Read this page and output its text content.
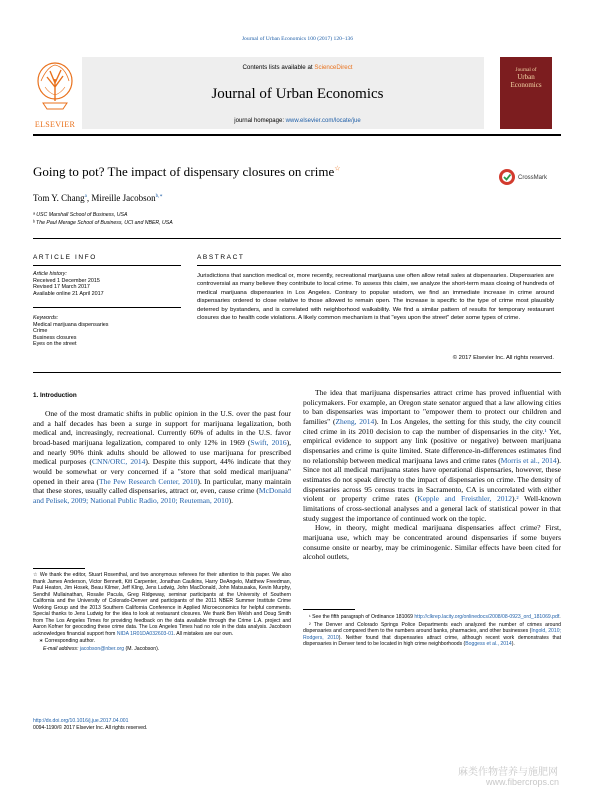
Journal of Urban Economics 100 (2017) 120–136
ELSEVIER
Contents lists available at ScienceDirect
Journal of Urban Economics
journal homepage: www.elsevier.com/locate/jue
Journal of
Urban
Economics
Going to pot? The impact of dispensary closures on crime☆
CrossMark
Tom Y. Chang$^a$, Mireille Jacobson$^{b,∗}$
ᵃ USC Marshall School of Business, USA
ᵇ The Paul Merage School of Business, UCI and NBER, USA
ARTICLE INFO
Article history:
Received 1 December 2015
Revised 17 March 2017
Available online 21 April 2017
Keywords:
Medical marijuana dispensaries
Crime
Business closures
Eyes on the street
ABSTRACT
Jurisdictions that sanction medical or, more recently, recreational marijuana use often allow retail sales at dispensaries. Dispensaries are controversial as many believe they contribute to local crime. To assess this claim, we analyze the short-term mass closing of hundreds of medical marijuana dispensaries in Los Angeles. Contrary to popular wisdom, we find an immediate increase in crime around dispensaries ordered to close relative to those allowed to remain open. The increase is specific to the type of crime most plausibly deterred by bystanders, and is correlated with neighborhood walkability. We find a similar pattern of results for temporary restaurant closures due to health code violations. A likely common mechanism is that "eyes upon the street" deter some types of crime.
© 2017 Elsevier Inc. All rights reserved.
1. Introduction

One of the most dramatic shifts in public opinion in the U.S. over the past four and a half decades has been a surge in support for marijuana legalization, both medical and, increasingly, recreational. Currently 60% of adults in the U.S. favor broad-based marijuana legalization, compared to only 12% in 1969 (Swift, 2016), and nearly 90% think adults should be allowed to use marijuana for prescribed medical purposes (CNN/ORC, 2014). Despite this support, 44% indicate that they would be somewhat or very concerned if a "store that sold medical marijuana" opened in their area (The Pew Research Center, 2010). In particular, many maintain that these stores, usually called dispensaries, attract or, even, cause crime (McDonald and Pelisek, 2009; National Public Radio, 2010; Reuteman, 2010).

☆ We thank the editor, Stuart Rosenthal, and two anonymous referees for their attention to this paper. We also thank James Anderson, Victor Bennett, Kitt Carpenter, Jonathan Caulkins, Harry DeAngelo, Matthew Freedman, Paul Heaton, Jim Hosek, Beau Kilmer, Jeff Kling, Jens Ludwig, John MacDonald, John Matsusaka, Kevin Murphy, Sendhil Mullainathan, Rosalie Pacula, Greg Ridgeway, seminar participants at the University of Southern California and the University of Colorado-Denver and participants of the 2011 NBER Summer Institute Crime Working Group and the 2013 Southern California Conference in Applied Microeconomics for helpful comments. Special thanks to Jens Ludwig for the idea to look at restaurant closures. We thank Ben Welsh and Doug Smith from The Los Angeles Times for providing feedback on the data available through the Crime L.A. project and Aaron Kofner for geocoding these crime data. The Los Angeles Times had no role in the data analysis. Jacobson acknowledges financial support from NIDA 1R01DA032603-01. All mistakes are our own.

∗ Corresponding author.

E-mail address: jacobson@nber.org (M. Jacobson).

http://dx.doi.org/10.1016/j.jue.2017.04.001
0094-1190/© 2017 Elsevier Inc. All rights reserved.

The idea that marijuana dispensaries attract crime has proved influential with policymakers. For example, an Oregon state senator argued that a law allowing cities to ban dispensaries was important to "empower them to protect our children and families" (Zheng, 2014). In Los Angeles, the setting for this study, the city council cited crime in its 2010 decision to cap the number of dispensaries in the city.¹ Yet, empirical evidence to support any link (positive or negative) between marijuana dispensaries and crime is quite limited. State difference-in-differences estimates find no relationship between medical marijuana laws and crime rates (Morris et al., 2014). Since not all medical marijuana states have operational dispensaries, however, these estimates do not speak directly to the impact of dispensaries on crime. The density of dispensaries across 95 census tracts in Sacramento, CA is uncorrelated with either violent or property crime rates (Kepple and Freisthler, 2012).² Well-known limitations of cross-sectional analyses and a general lack of statistical power in that study suggest the importance of continued work on the topic.

How, in theory, might medical marijuana dispensaries affect crime? First, marijuana use, which may be concentrated around dispensaries if some buyers consume onsite or nearby, may be criminogenic. Similar effects have been cited for alcohol outlets,

¹ See the fifth paragraph of Ordinance 181069 http://clkrep.lacity.org/onlinedocs/2008/08-0923_ord_181069.pdf.

² The Denver and Colorado Springs Police Departments each analyzed the number of crimes around dispensaries and compared them to the numbers around banks, pharmacies, and other businesses (Ingold, 2010; Rodgers, 2010). Neither found that dispensaries attract crime, although recent work demonstrates that dispensaries in Denver tend to be located in high crime neighborhoods (Boggess et al., 2014).

麻类作物营养与施肥网
www.fibercrops.cn
